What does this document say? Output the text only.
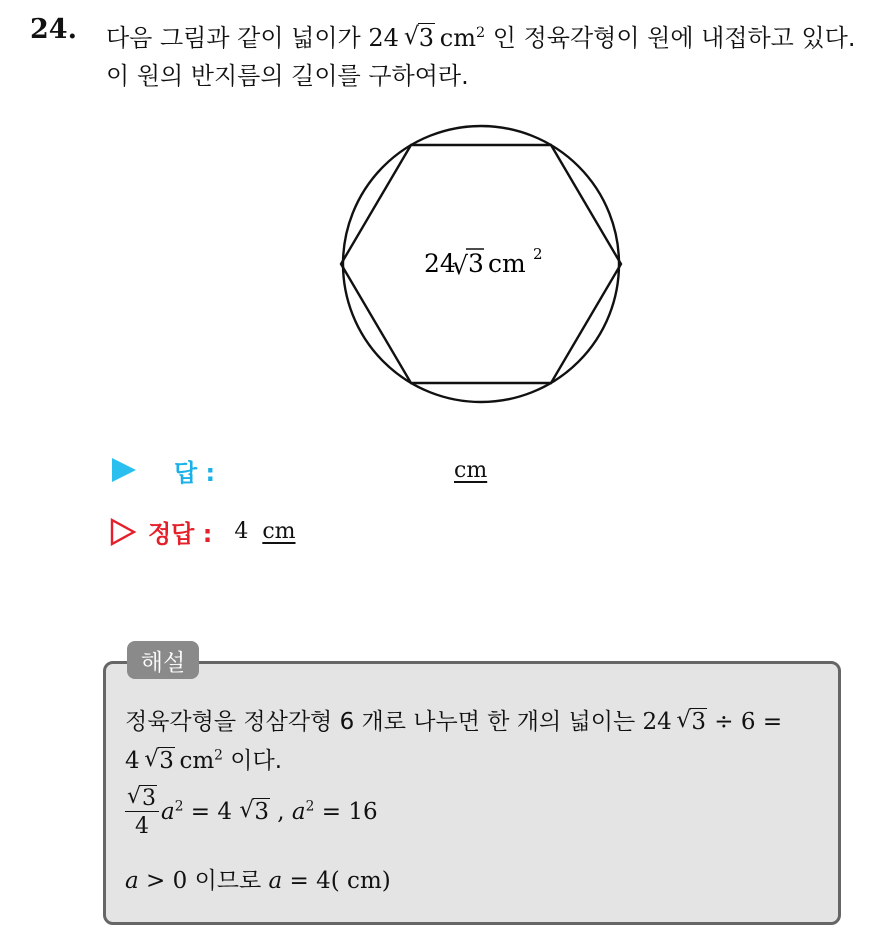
24. 다음 그림과 같이 넓이가 24  √ 3  $cm^2$ 인 정육각형이 원에 내접하고 있다. 이 원의 반지름의 길이를 구하여라.
24
√ 3 cm 2
답 :	cm
정답 : 4 cm
해설
정육각형을 정삼각형 6 개로 나누면 한 개의 넓이는 24  √ 3 ÷ 6 =
4  √ 3  $cm^2$ 이다.
√ $\frac{3}{4} a^2 = 4$ √ 3 , $a^2 = 16$
a > 0 이므로 a = 4( cm)
